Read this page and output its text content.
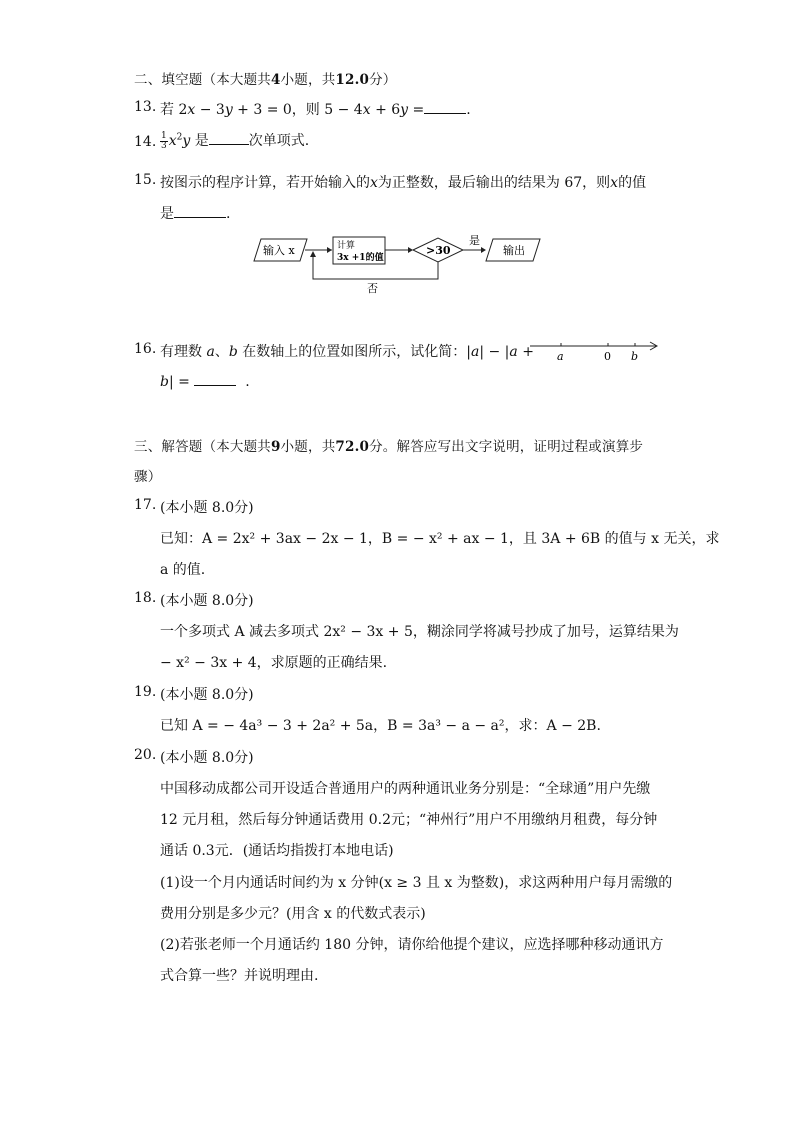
二、填空题（本大题共4小题，共12.0分）
13. 若 2x − 3y + 3 = 0，则 5 − 4x + 6y =	.
14. $\frac{1}{3} x^2y$ 是	次单项式.
15. 按图示的程序计算，若开始输入的x为正整数，最后输出的结果为 67，则x的值
是	.
输入 x	计算
3x +1的值
>30
是
输出
否
16. 有理数 a、b 在数轴上的位置如图所示，试化简：|a| − |a +
b| =	.
a	0 b
三、解答题（本大题共9小题，共72.0分。解答应写出文字说明，证明过程或演算步
骤）
17. (本小题 8.0分)
已知：A = 2x² + 3ax − 2x − 1，B = − x² + ax − 1，且 3A + 6B 的值与 x 无关，求
a 的值.
18. (本小题 8.0分)
一个多项式 A 减去多项式 2x² − 3x + 5，糊涂同学将减号抄成了加号，运算结果为
− x² − 3x + 4，求原题的正确结果.
19. (本小题 8.0分)
已知 A = − 4a³ − 3 + 2a² + 5a，B = 3a³ − a − a²，求：A − 2B.
20. (本小题 8.0分)
中国移动成都公司开设适合普通用户的两种通讯业务分别是：“全球通”用户先缴
12 元月租，然后每分钟通话费用 0.2元；“神州行”用户不用缴纳月租费，每分钟
通话 0.3元．(通话均指拨打本地电话)
(1)设一个月内通话时间约为 x 分钟(x ≥ 3 且 x 为整数)，求这两种用户每月需缴的
费用分别是多少元？(用含 x 的代数式表示)
(2)若张老师一个月通话约 180 分钟，请你给他提个建议，应选择哪种移动通讯方
式合算一些？并说明理由.
